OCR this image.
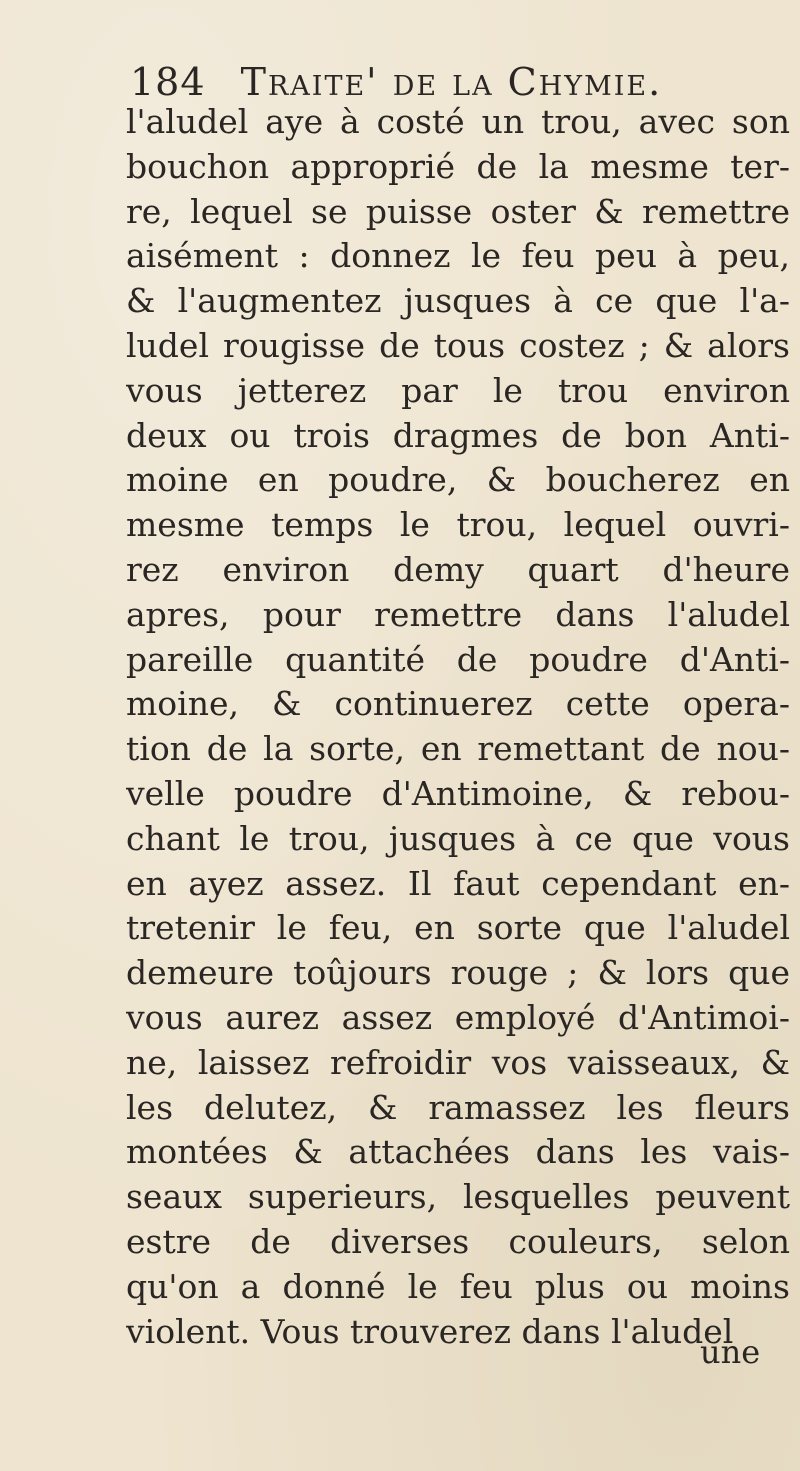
184 Traite' de la Chymie.
l'aludel aye à costé un trou, avec son
bouchon approprié de la mesme ter-
re, lequel se puisse oster & remettre
aisément : donnez le feu peu à peu,
& l'augmentez jusques à ce que l'a-
ludel rougisse de tous costez ; & alors
vous jetterez par le trou environ
deux ou trois dragmes de bon Anti-
moine en poudre, & boucherez en
mesme temps le trou, lequel ouvri-
rez environ demy quart d'heure
apres, pour remettre dans l'aludel
pareille quantité de poudre d'Anti-
moine, & continuerez cette opera-
tion de la sorte, en remettant de nou-
velle poudre d'Antimoine, & rebou-
chant le trou, jusques à ce que vous
en ayez assez. Il faut cependant en-
tretenir le feu, en sorte que l'aludel
demeure toûjours rouge ; & lors que
vous aurez assez employé d'Antimoi-
ne, laissez refroidir vos vaisseaux, &
les delutez, & ramassez les fleurs
montées & attachées dans les vais-
seaux superieurs, lesquelles peuvent
estre de diverses couleurs, selon
qu'on a donné le feu plus ou moins
violent. Vous trouverez dans l'aludel
une
